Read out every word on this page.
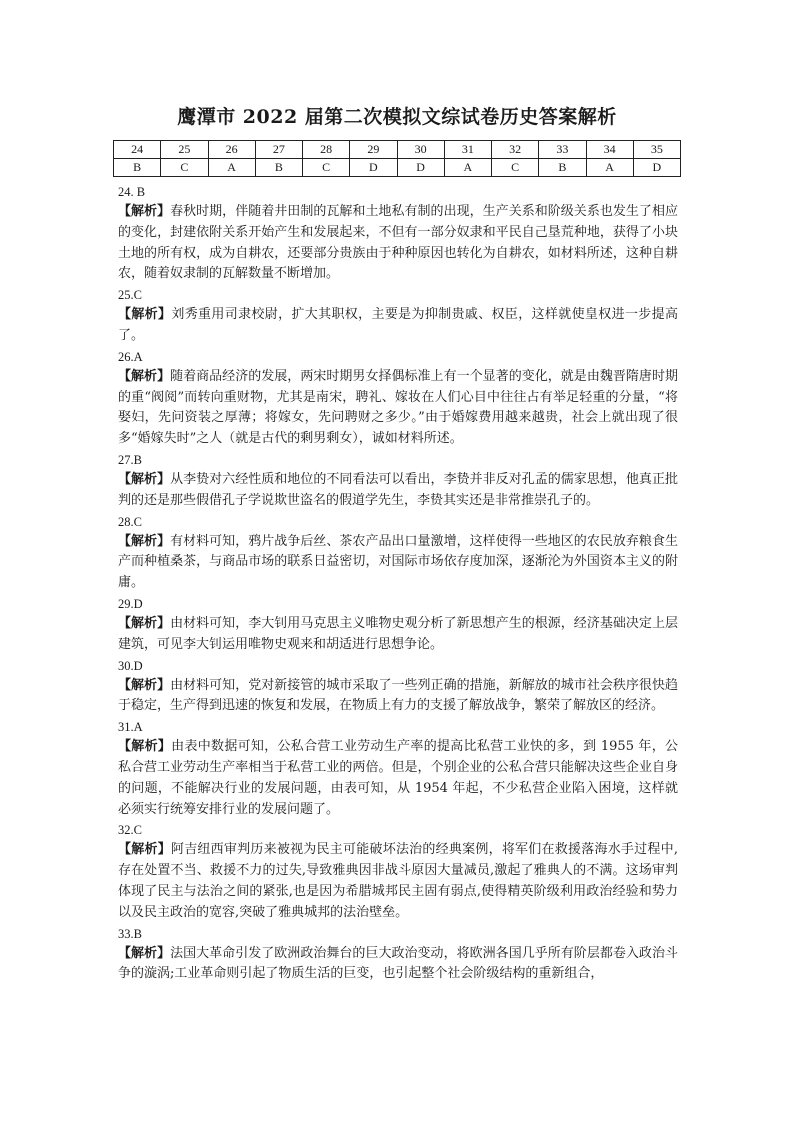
鹰潭市 2022 届第二次模拟文综试卷历史答案解析
24	25	26	27	28	29	30	31	32	33	34	35
B	C	A	B	C	D	D	A	C	B	A	D
24. B
【解析】春秋时期，伴随着井田制的瓦解和土地私有制的出现，生产关系和阶级关系也发生了相应的变化，封建依附关系开始产生和发展起来，不但有一部分奴隶和平民自己垦荒种地，获得了小块土地的所有权，成为自耕农，还要部分贵族由于种种原因也转化为自耕农，如材料所述，这种自耕农，随着奴隶制的瓦解数量不断增加。
25.C
【解析】刘秀重用司隶校尉，扩大其职权，主要是为抑制贵戚、权臣，这样就使皇权进一步提高了。
26.A
【解析】随着商品经济的发展，两宋时期男女择偶标准上有一个显著的变化，就是由魏晋隋唐时期的重“阀阅”而转向重财物，尤其是南宋，聘礼、嫁妆在人们心目中往往占有举足轻重的分量，“将娶妇，先问资装之厚薄；将嫁女，先问聘财之多少。”由于婚嫁费用越来越贵，社会上就出现了很多“婚嫁失时”之人（就是古代的剩男剩女），诚如材料所述。
27.B
【解析】从李贽对六经性质和地位的不同看法可以看出，李贽并非反对孔孟的儒家思想，他真正批判的还是那些假借孔子学说欺世盗名的假道学先生，李贽其实还是非常推崇孔子的。
28.C
【解析】有材料可知，鸦片战争后丝、茶农产品出口量激增，这样使得一些地区的农民放弃粮食生产而种植桑茶，与商品市场的联系日益密切，对国际市场依存度加深，逐渐沦为外国资本主义的附庸。
29.D
【解析】由材料可知，李大钊用马克思主义唯物史观分析了新思想产生的根源，经济基础决定上层建筑，可见李大钊运用唯物史观来和胡适进行思想争论。
30.D
【解析】由材料可知，党对新接管的城市采取了一些列正确的措施，新解放的城市社会秩序很快趋于稳定，生产得到迅速的恢复和发展，在物质上有力的支援了解放战争，繁荣了解放区的经济。
31.A
【解析】由表中数据可知，公私合营工业劳动生产率的提高比私营工业快的多，到 1955 年，公私合营工业劳动生产率相当于私营工业的两倍。但是，个别企业的公私合营只能解决这些企业自身的问题，不能解决行业的发展问题，由表可知，从 1954 年起，不少私营企业陷入困境，这样就必须实行统筹安排行业的发展问题了。
32.C
【解析】阿吉纽西审判历来被视为民主可能破坏法治的经典案例，将军们在救援落海水手过程中,存在处置不当、救援不力的过失,导致雅典因非战斗原因大量减员,激起了雅典人的不满。这场审判体现了民主与法治之间的紧张,也是因为希腊城邦民主固有弱点,使得精英阶级利用政治经验和势力以及民主政治的宽容,突破了雅典城邦的法治壁垒。
33.B
【解析】法国大革命引发了欧洲政治舞台的巨大政治变动，将欧洲各国几乎所有阶层都卷入政治斗争的漩涡;工业革命则引起了物质生活的巨变，也引起整个社会阶级结构的重新组合，
